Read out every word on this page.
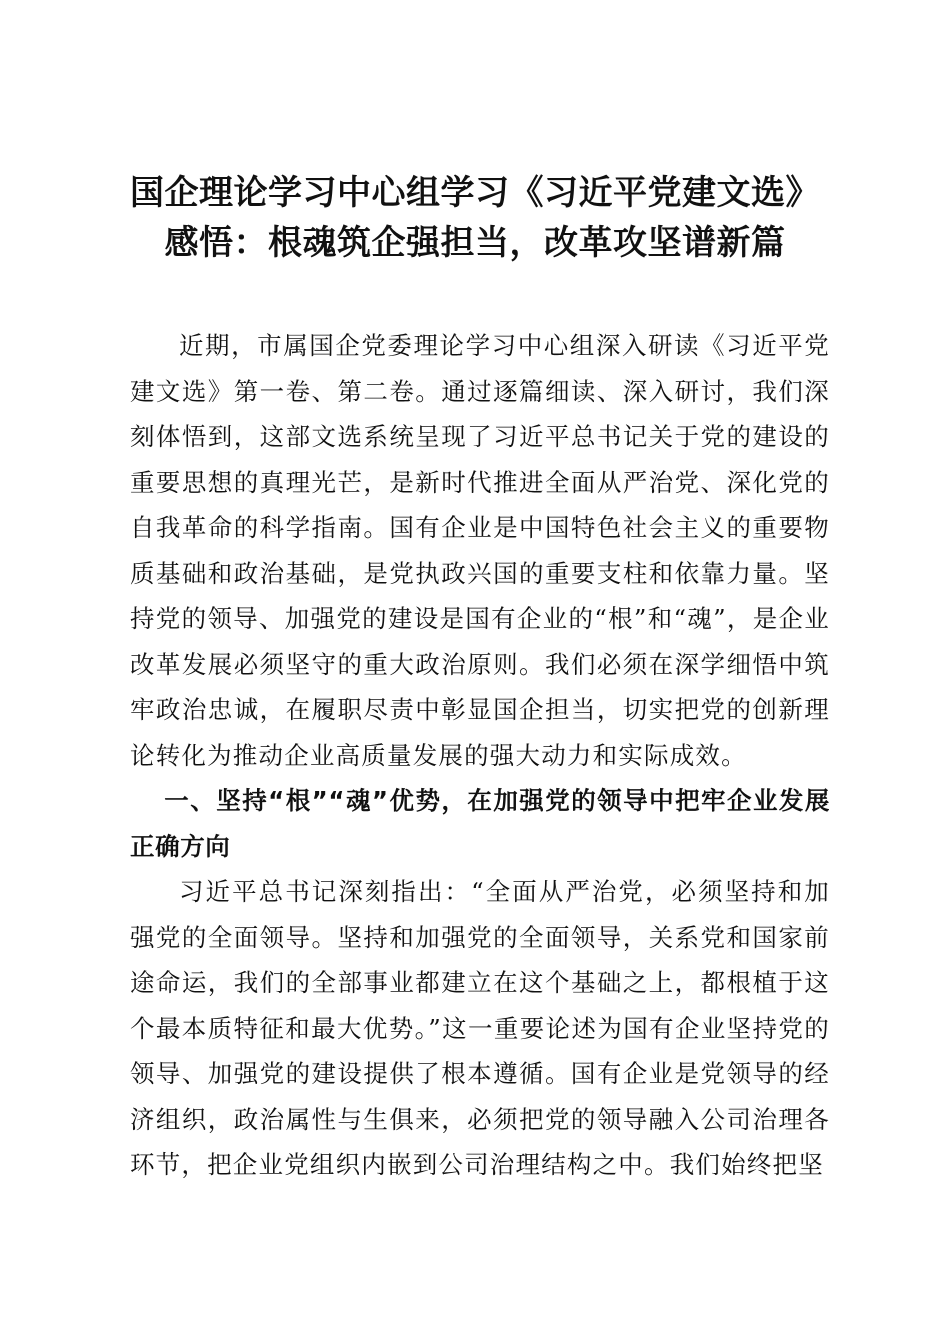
国企理论学习中心组学习《习近平党建文选》
感悟：根魂筑企强担当，改革攻坚谱新篇

近期，市属国企党委理论学习中心组深入研读《习近平党建文选》第一卷、第二卷。通过逐篇细读、深入研讨，我们深刻体悟到，这部文选系统呈现了习近平总书记关于党的建设的重要思想的真理光芒，是新时代推进全面从严治党、深化党的自我革命的科学指南。国有企业是中国特色社会主义的重要物质基础和政治基础，是党执政兴国的重要支柱和依靠力量。坚持党的领导、加强党的建设是国有企业的“根”和“魂”，是企业改革发展必须坚守的重大政治原则。我们必须在深学细悟中筑牢政治忠诚，在履职尽责中彰显国企担当，切实把党的创新理论转化为推动企业高质量发展的强大动力和实际成效。

一、坚持“根”“魂”优势，在加强党的领导中把牢企业发展正确方向

习近平总书记深刻指出：“全面从严治党，必须坚持和加强党的全面领导。坚持和加强党的全面领导，关系党和国家前途命运，我们的全部事业都建立在这个基础之上，都根植于这个最本质特征和最大优势。”这一重要论述为国有企业坚持党的领导、加强党的建设提供了根本遵循。国有企业是党领导的经济组织，政治属性与生俱来，必须把党的领导融入公司治理各环节，把企业党组织内嵌到公司治理结构之中。我们始终把坚
